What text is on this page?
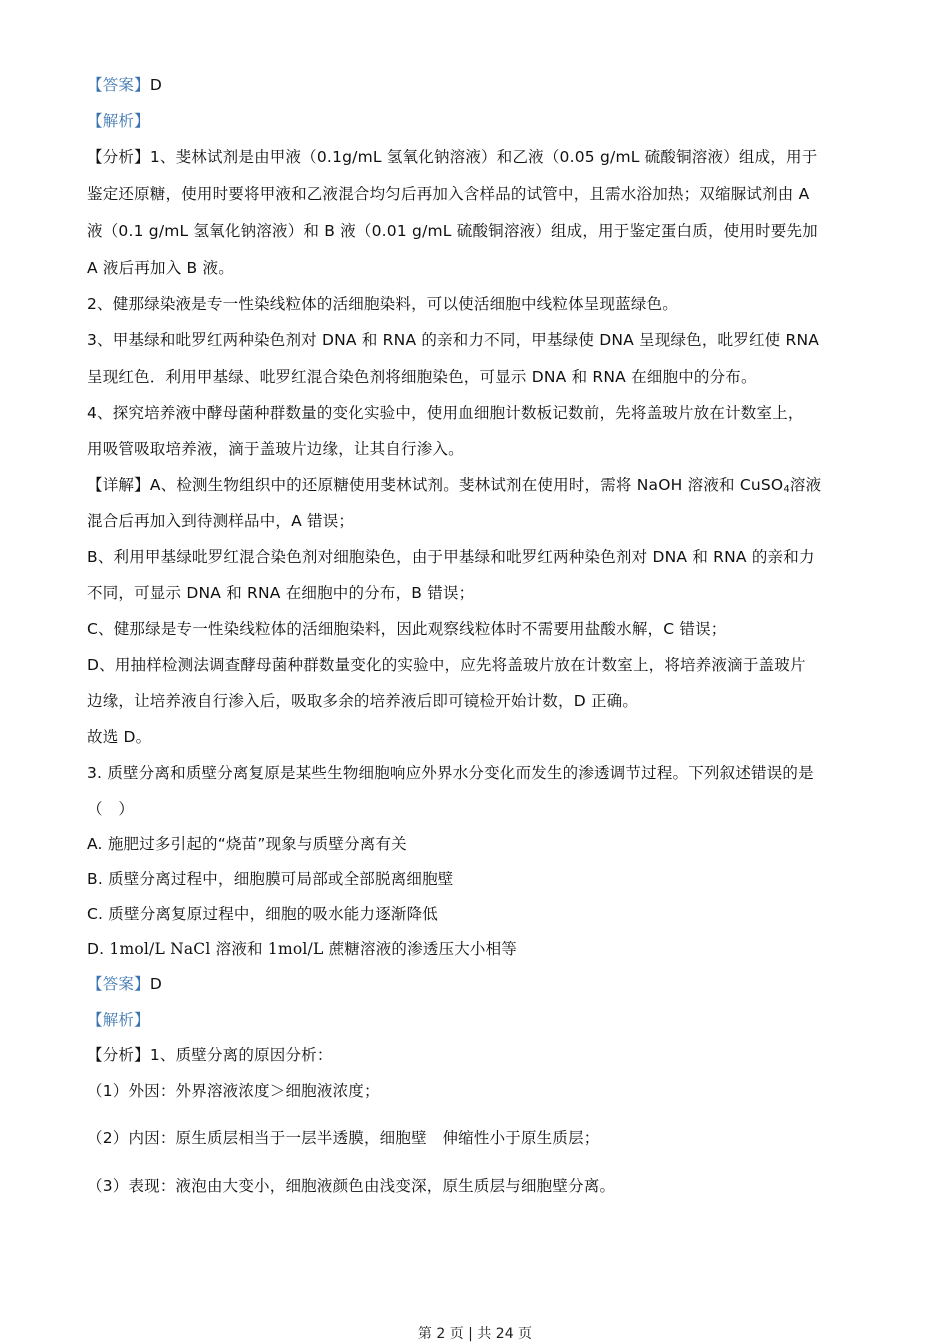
【答案】D
【解析】
【分析】1、斐林试剂是由甲液（0.1g/mL 氢氧化钠溶液）和乙液（0.05 g/mL 硫酸铜溶液）组成，用于
鉴定还原糖，使用时要将甲液和乙液混合均匀后再加入含样品的试管中，且需水浴加热；双缩脲试剂由 A
液（0.1 g/mL 氢氧化钠溶液）和 B 液（0.01 g/mL 硫酸铜溶液）组成，用于鉴定蛋白质，使用时要先加
A 液后再加入 B 液。
2、健那绿染液是专一性染线粒体的活细胞染料，可以使活细胞中线粒体呈现蓝绿色。
3、甲基绿和吡罗红两种染色剂对 DNA 和 RNA 的亲和力不同，甲基绿使 DNA 呈现绿色，吡罗红使 RNA
呈现红色．利用甲基绿、吡罗红混合染色剂将细胞染色，可显示 DNA 和 RNA 在细胞中的分布。
4、探究培养液中酵母菌种群数量的变化实验中，使用血细胞计数板记数前，先将盖玻片放在计数室上，
用吸管吸取培养液，滴于盖玻片边缘，让其自行渗入。
【详解】A、检测生物组织中的还原糖使用斐林试剂。斐林试剂在使用时，需将 NaOH 溶液和 CuSO$_4$溶液
混合后再加入到待测样品中，A 错误；
B、利用甲基绿吡罗红混合染色剂对细胞染色，由于甲基绿和吡罗红两种染色剂对 DNA 和 RNA 的亲和力
不同，可显示 DNA 和 RNA 在细胞中的分布，B 错误；
C、健那绿是专一性染线粒体的活细胞染料，因此观察线粒体时不需要用盐酸水解，C 错误；
D、用抽样检测法调查酵母菌种群数量变化的实验中，应先将盖玻片放在计数室上，将培养液滴于盖玻片
边缘，让培养液自行渗入后，吸取多余的培养液后即可镜检开始计数，D 正确。
故选 D。
3. 质壁分离和质壁分离复原是某些生物细胞响应外界水分变化而发生的渗透调节过程。下列叙述错误的是
（　）
A. 施肥过多引起的“烧苗”现象与质壁分离有关
B. 质壁分离过程中，细胞膜可局部或全部脱离细胞壁
C. 质壁分离复原过程中，细胞的吸水能力逐渐降低
D. 1mol/L NaCl 溶液和 1mol/L 蔗糖溶液的渗透压大小相等
【答案】D
【解析】
【分析】1、质壁分离的原因分析：
（1）外因：外界溶液浓度＞细胞液浓度；
（2）内因：原生质层相当于一层半透膜，细胞壁　伸缩性小于原生质层；
（3）表现：液泡由大变小，细胞液颜色由浅变深，原生质层与细胞壁分离。
第 2 页 | 共 24 页
